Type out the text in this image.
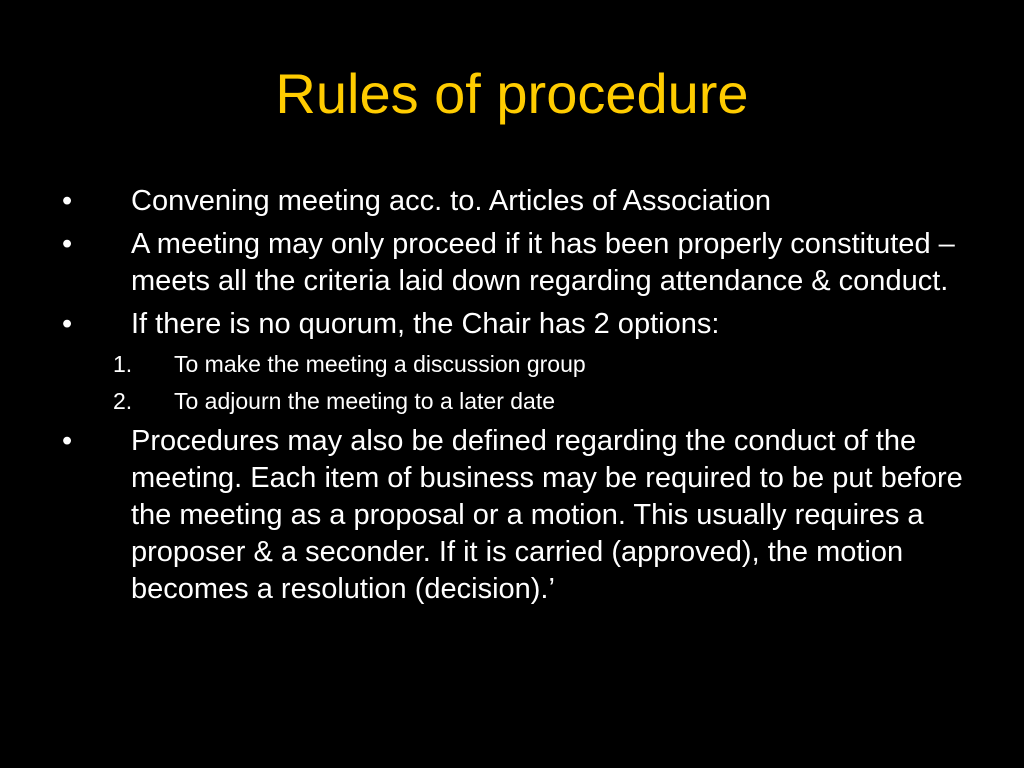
Rules of procedure
• Convening meeting acc. to. Articles of Association
• A meeting may only proceed if it has been properly constituted – meets all the criteria laid down regarding attendance & conduct.
• If there is no quorum, the Chair has 2 options:
1. To make the meeting a discussion group
2. To adjourn the meeting to a later date
• Procedures may also be defined regarding the conduct of the meeting. Each item of business may be required to be put before the meeting as a proposal or a motion. This usually requires a proposer & a seconder. If it is carried (approved), the motion becomes a resolution (decision).’
